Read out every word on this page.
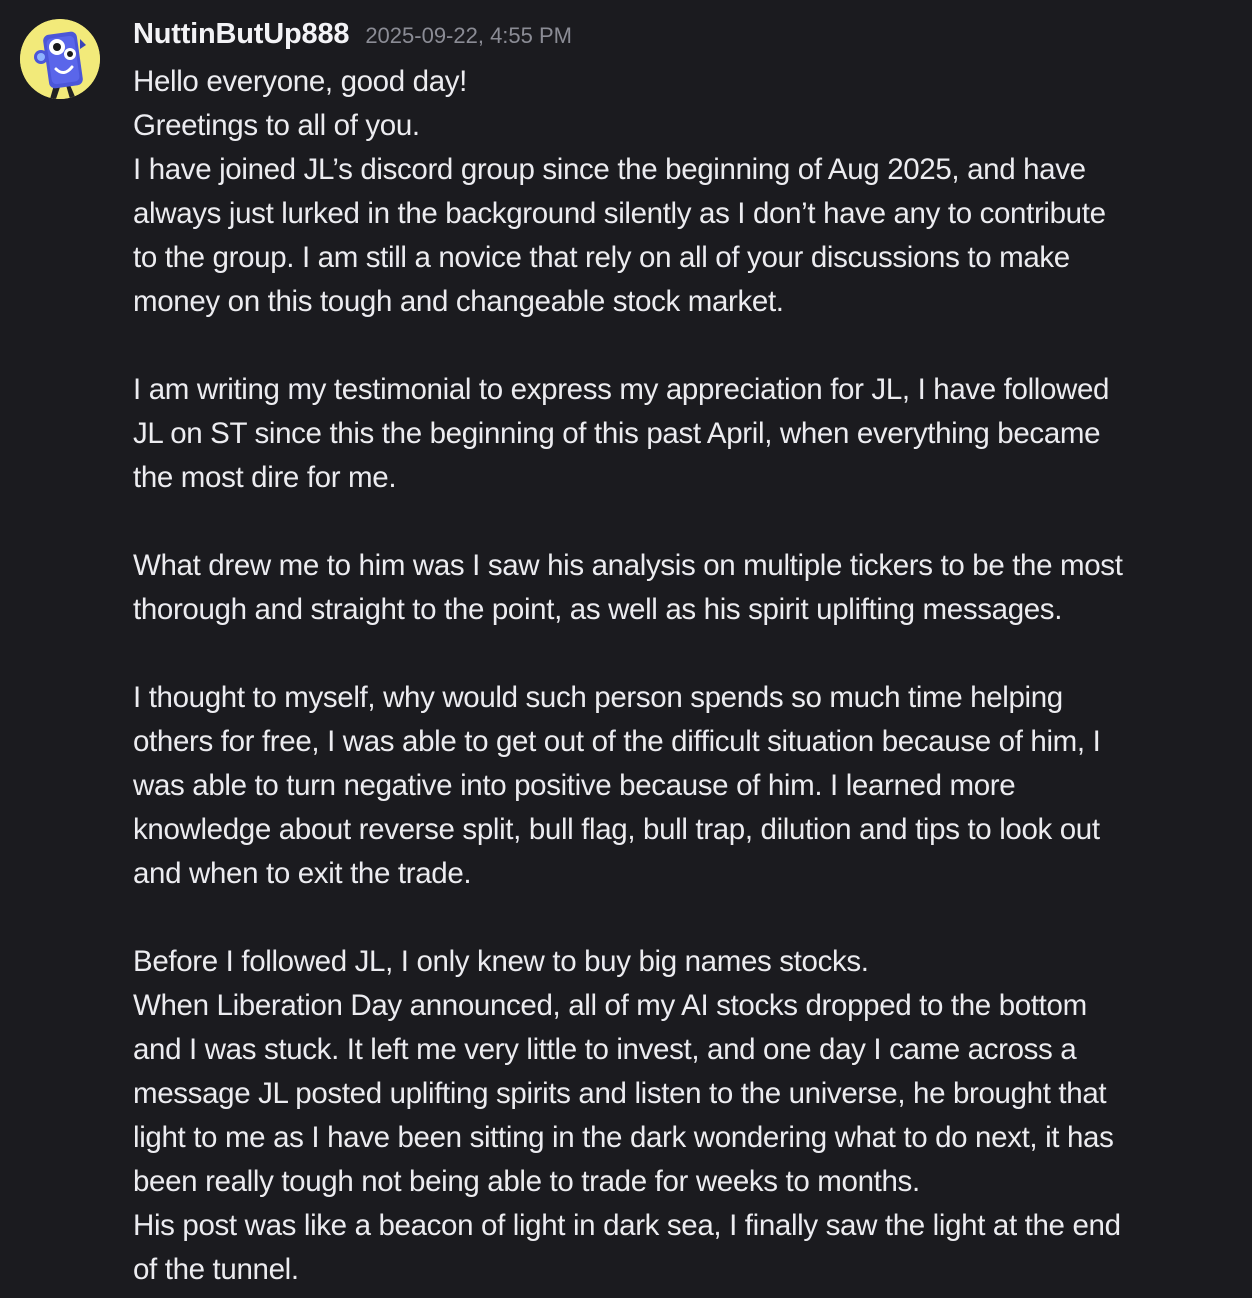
NuttinButUp888 2025-09-22, 4:55 PM
Hello everyone, good day!
Greetings to all of you.
I have joined JL’s discord group since the beginning of Aug 2025, and have
always just lurked in the background silently as I don’t have any to contribute
to the group. I am still a novice that rely on all of your discussions to make
money on this tough and changeable stock market.
I am writing my testimonial to express my appreciation for JL, I have followed
JL on ST since this the beginning of this past April, when everything became
the most dire for me.
What drew me to him was I saw his analysis on multiple tickers to be the most
thorough and straight to the point, as well as his spirit uplifting messages.
I thought to myself, why would such person spends so much time helping
others for free, I was able to get out of the difficult situation because of him, I
was able to turn negative into positive because of him. I learned more
knowledge about reverse split, bull flag, bull trap, dilution and tips to look out
and when to exit the trade.
Before I followed JL, I only knew to buy big names stocks.
When Liberation Day announced, all of my AI stocks dropped to the bottom
and I was stuck. It left me very little to invest, and one day I came across a
message JL posted uplifting spirits and listen to the universe, he brought that
light to me as I have been sitting in the dark wondering what to do next, it has
been really tough not being able to trade for weeks to months.
His post was like a beacon of light in dark sea, I finally saw the light at the end
of the tunnel.
